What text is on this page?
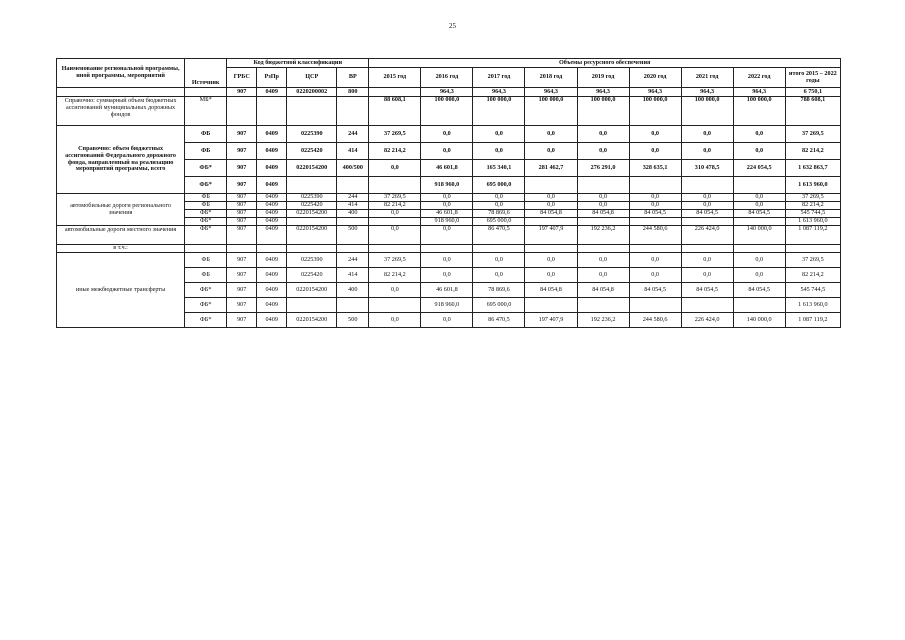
25
Наименование региональной программы, иной программы, мероприятий	Источник	Код бюджетной классификации				Объемы ресурсного обеспечения								
		ГРБС	РзПр	ЦСР	ВР	2015 год	2016 год	2017 год	2018 год	2019 год	2020 год	2021 год	2022 год	итого 2015 – 2022 годы
		907	0409	0220200002	800		964,3	964,3	964,3	964,3	964,3	964,3	964,3	6 750,1
Справочно: суммарный объем бюджетных ассигнований муниципальных дорожных фондов	МБ*					88 608,1	100 000,0	100 000,0	100 000,0	100 000,0	100 000,0	100 000,0	100 000,0	788 608,1
Справочно: объем бюджетных ассигнований Федерального дорожного фонда, направленный на реализацию мероприятий программы, всего	ФБ	907	0409	0225390	244	37 269,5	0,0	0,0	0,0	0,0	0,0	0,0	0,0	37 269,5
	ФБ	907	0409	0225420	414	82 214,2	0,0	0,0	0,0	0,0	0,0	0,0	0,0	82 214,2
	ФБ*	907	0409	0220154200	400/500	0,0	46 601,8	165 340,1	281 462,7	276 291,0	328 635,1	310 478,5	224 054,5	1 632 863,7
	ФБ*	907	0409				918 960,0	695 000,0						1 613 960,0
автомобильные дороги регионального значения	ФБ	907	0409	0225390	244	37 269,5	0,0	0,0	0,0	0,0	0,0	0,0	0,0	37 269,5
	ФБ	907	0409	0225420	414	82 214,2	0,0	0,0	0,0	0,0	0,0	0,0	0,0	82 214,2
	ФБ*	907	0409	0220154200	400	0,0	46 601,8	78 869,6	84 054,8	84 054,8	84 054,5	84 054,5	84 054,5	545 744,5
	ФБ*	907	0409				918 960,0	695 000,0						1 613 960,0
автомобильные дороги местного значения	ФБ*	907	0409	0220154200	500	0,0	0,0	86 470,5	197 407,9	192 236,2	244 580,6	226 424,0	140 000,0	1 087 119,2
в т.ч.:														
иные межбюджетные трансферты	ФБ	907	0409	0225390	244	37 269,5	0,0	0,0	0,0	0,0	0,0	0,0	0,0	37 269,5
	ФБ	907	0409	0225420	414	82 214,2	0,0	0,0	0,0	0,0	0,0	0,0	0,0	82 214,2
	ФБ*	907	0409	0220154200	400	0,0	46 601,8	78 869,6	84 054,8	84 054,8	84 054,5	84 054,5	84 054,5	545 744,5
	ФБ*	907	0409				918 960,0	695 000,0						1 613 960,0
	ФБ*	907	0409	0220154200	500	0,0	0,0	86 470,5	197 407,9	192 236,2	244 580,6	226 424,0	140 000,0	1 087 119,2
